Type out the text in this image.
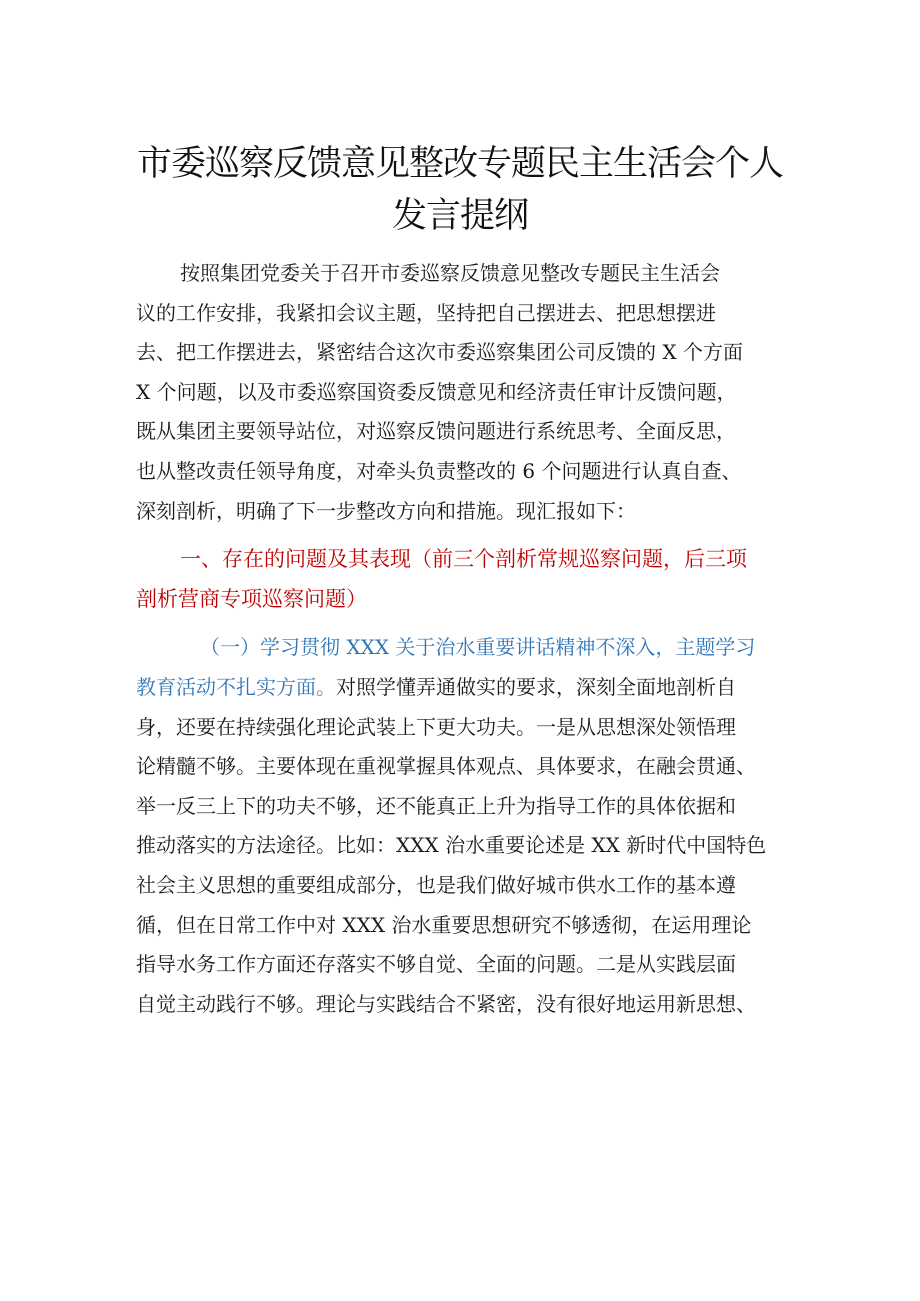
市委巡察反馈意见整改专题民主生活会个人
发言提纲
按照集团党委关于召开市委巡察反馈意见整改专题民主生活会
议的工作安排，我紧扣会议主题，坚持把自己摆进去、把思想摆进
去、把工作摆进去，紧密结合这次市委巡察集团公司反馈的 X 个方面
X 个问题，以及市委巡察国资委反馈意见和经济责任审计反馈问题，
既从集团主要领导站位，对巡察反馈问题进行系统思考、全面反思，
也从整改责任领导角度，对牵头负责整改的 6 个问题进行认真自查、
深刻剖析，明确了下一步整改方向和措施。现汇报如下：
一、存在的问题及其表现（前三个剖析常规巡察问题，后三项
剖析营商专项巡察问题）
（一）学习贯彻 XXX 关于治水重要讲话精神不深入，主题学习
教育活动不扎实方面。对照学懂弄通做实的要求，深刻全面地剖析自
身，还要在持续强化理论武装上下更大功夫。一是从思想深处领悟理
论精髓不够。主要体现在重视掌握具体观点、具体要求，在融会贯通、
举一反三上下的功夫不够，还不能真正上升为指导工作的具体依据和
推动落实的方法途径。比如：XXX 治水重要论述是 XX 新时代中国特色
社会主义思想的重要组成部分，也是我们做好城市供水工作的基本遵
循，但在日常工作中对 XXX 治水重要思想研究不够透彻，在运用理论
指导水务工作方面还存落实不够自觉、全面的问题。二是从实践层面
自觉主动践行不够。理论与实践结合不紧密，没有很好地运用新思想、
